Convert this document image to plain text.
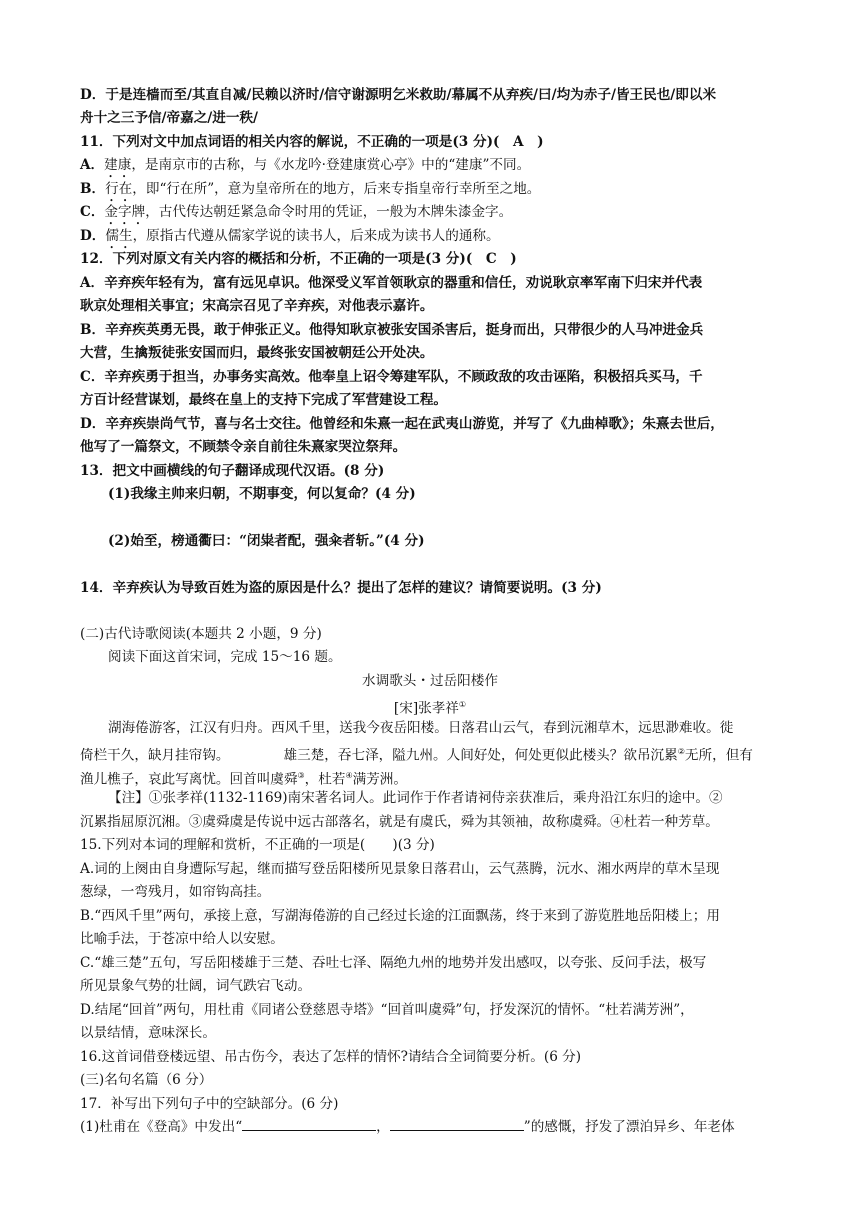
D．于是连樯而至/其直自减/民赖以济时/信守谢源明乞米救助/幕属不从弃疾/曰/均为赤子/皆王民也/即以米
舟十之三予信/帝嘉之/进一秩/
11．下列对文中加点词语的相关内容的解说，不正确的一项是(3 分)(　A　)
A．建康，是南京市的古称，与《水龙吟·登建康赏心亭》中的“建康”不同。
B．行在，即“行在所”，意为皇帝所在的地方，后来专指皇帝行幸所至之地。
C．金字牌，古代传达朝廷紧急命令时用的凭证，一般为木牌朱漆金字。
D．儒生，原指古代遵从儒家学说的读书人，后来成为读书人的通称。
12．下列对原文有关内容的概括和分析，不正确的一项是(3 分)(　C　)
A．辛弃疾年轻有为，富有远见卓识。他深受义军首领耿京的器重和信任，劝说耿京率军南下归宋并代表
耿京处理相关事宜；宋高宗召见了辛弃疾，对他表示嘉许。
B．辛弃疾英勇无畏，敢于伸张正义。他得知耿京被张安国杀害后，挺身而出，只带很少的人马冲进金兵
大营，生擒叛徒张安国而归，最终张安国被朝廷公开处决。
C．辛弃疾勇于担当，办事务实高效。他奉皇上诏令筹建军队，不顾政敌的攻击诬陷，积极招兵买马，千
方百计经营谋划，最终在皇上的支持下完成了军营建设工程。
D．辛弃疾崇尚气节，喜与名士交往。他曾经和朱熹一起在武夷山游览，并写了《九曲棹歌》；朱熹去世后，
他写了一篇祭文，不顾禁令亲自前往朱熹家哭泣祭拜。
13．把文中画横线的句子翻译成现代汉语。(8 分)
(1)我缘主帅来归朝，不期事变，何以复命？(4 分)
(2)始至，榜通衢曰：“闭粜者配，强籴者斩。”(4 分)
14．辛弃疾认为导致百姓为盗的原因是什么？提出了怎样的建议？请简要说明。(3 分)
(二)古代诗歌阅读(本题共 2 小题，9 分)
阅读下面这首宋词，完成 15～16 题。
水调歌头・过岳阳楼作
[宋]张孝祥①
湖海倦游客，江汉有归舟。西风千里，送我今夜岳阳楼。日落君山云气，春到沅湘草木，远思渺难收。徙
倚栏干久，缺月挂帘钩。	雄三楚，吞七泽，隘九州。人间好处，何处更似此楼头？欲吊沉累②无所，但有
渔儿樵子，哀此写离忧。回首叫虞舜③，杜若④满芳洲。
【注】①张孝祥(1132-1169)南宋著名词人。此词作于作者请祠侍亲获准后，乘舟沿江东归的途中。②
沉累指屈原沉湘。③虞舜虞是传说中远古部落名，就是有虞氏，舜为其领袖，故称虞舜。④杜若一种芳草。
15.下列对本词的理解和赏析，不正确的一项是(　　)(3 分)
A.词的上阕由自身遭际写起，继而描写登岳阳楼所见景象日落君山，云气蒸腾，沅水、湘水两岸的草木呈现
葱绿，一弯残月，如帘钩高挂。
B.“西风千里”两句，承接上意，写湖海倦游的自己经过长途的江面飘荡，终于来到了游览胜地岳阳楼上；用
比喻手法，于苍凉中给人以安慰。
C.“雄三楚”五句，写岳阳楼雄于三楚、吞吐七泽、隔绝九州的地势并发出感叹，以夸张、反问手法，极写
所见景象气势的壮阔，词气跌宕飞动。
D.结尾“回首”两句，用杜甫《同诸公登慈恩寺塔》“回首叫虞舜”句，抒发深沉的情怀。“杜若满芳洲”，
以景结情，意味深长。
16.这首词借登楼远望、吊古伤今，表达了怎样的情怀?请结合全词简要分析。(6 分)
(三)名句名篇（6 分）
17．补写出下列句子中的空缺部分。(6 分)
(1)杜甫在《登高》中发出“	，	”的感慨，抒发了漂泊异乡、年老体
